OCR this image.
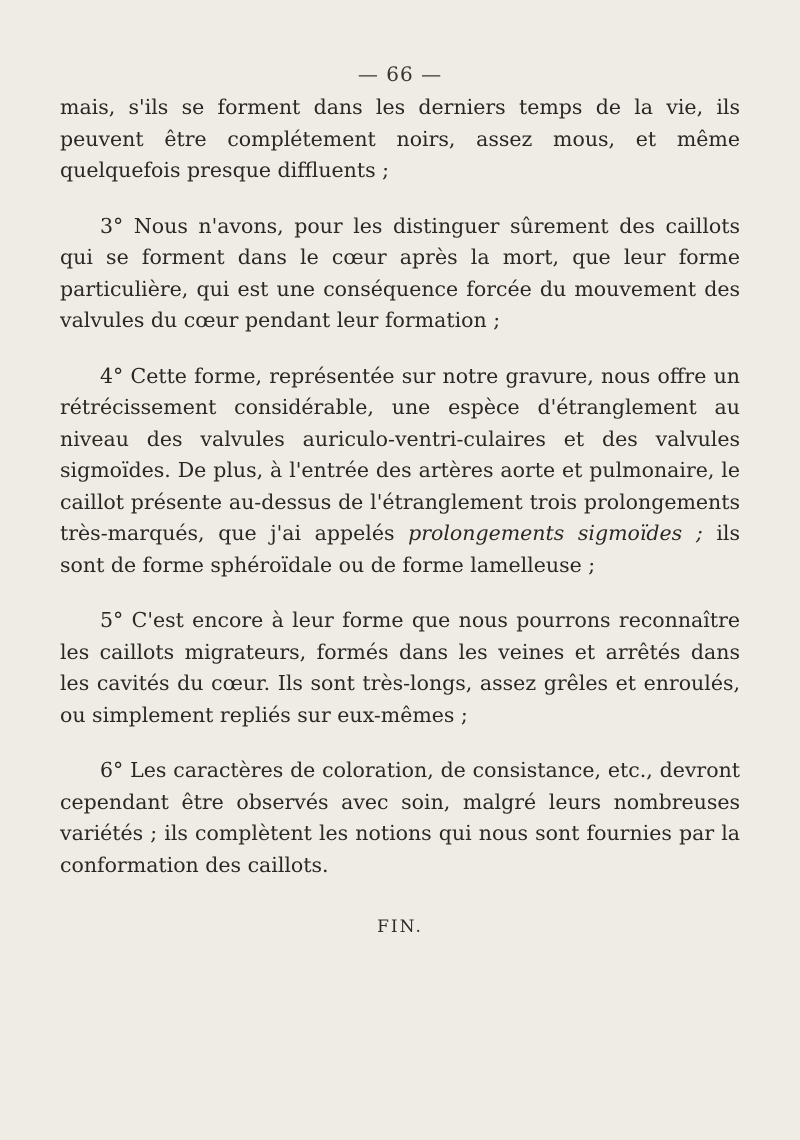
— 66 —

mais, s'ils se forment dans les derniers temps de la vie, ils peuvent être complétement noirs, assez mous, et même quelquefois presque diffluents ;

3° Nous n'avons, pour les distinguer sûrement des caillots qui se forment dans le cœur après la mort, que leur forme particulière, qui est une conséquence forcée du mouvement des valvules du cœur pendant leur formation ;

4° Cette forme, représentée sur notre gravure, nous offre un rétrécissement considérable, une espèce d'étranglement au niveau des valvules auriculo-ventri-culaires et des valvules sigmoïdes. De plus, à l'entrée des artères aorte et pulmonaire, le caillot présente au-dessus de l'étranglement trois prolongements très-marqués, que j'ai appelés prolongements sigmoïdes ; ils sont de forme sphéroïdale ou de forme lamelleuse ;

5° C'est encore à leur forme que nous pourrons reconnaître les caillots migrateurs, formés dans les veines et arrêtés dans les cavités du cœur. Ils sont très-longs, assez grêles et enroulés, ou simplement repliés sur eux-mêmes ;

6° Les caractères de coloration, de consistance, etc., devront cependant être observés avec soin, malgré leurs nombreuses variétés ; ils complètent les notions qui nous sont fournies par la conformation des caillots.

FIN.
